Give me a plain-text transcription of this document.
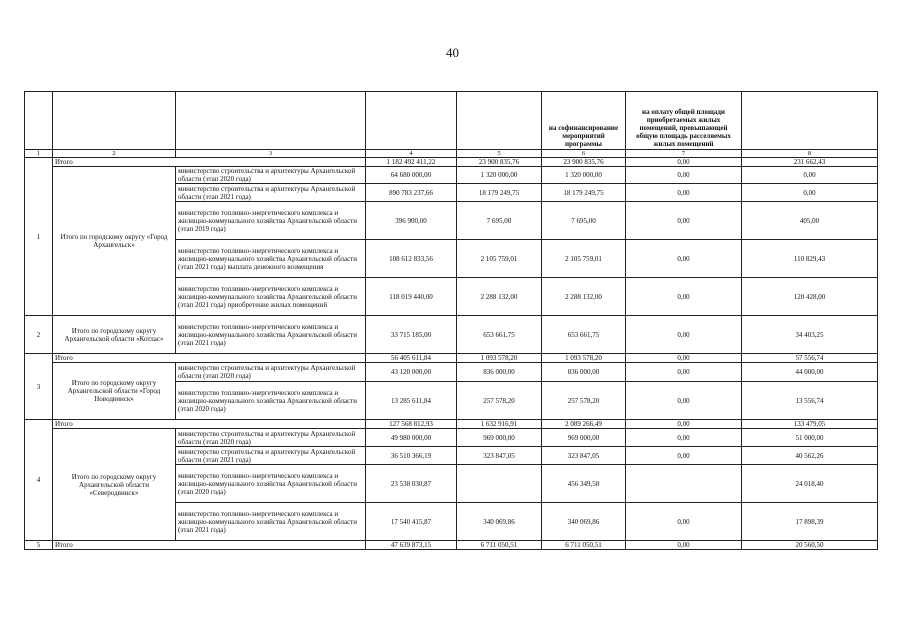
40
					на софинансирование мероприятий программы	на оплату общей площади приобретаемых жилых помещений, превышающей общую площадь расселяемых жилых помещений	
1	2	3	4	5	6	7	8
1	Итого		1 182 492 411,22	23 900 835,76	23 900 835,76	0,00	231 662,43
	Итого по городскому округу «Город Архангельск»	министерство строительства и архитектуры Архангельской области (этап 2020 года)	64 680 000,00	1 320 000,00	1 320 000,00	0,00	0,00
		министерство строительства и архитектуры Архангельской области (этап 2021 года)	890 783 237,66	18 179 249,75	18 179 249,75	0,00	0,00
		министерство топливно-энергетического комплекса и жилищно-коммунального хозяйства Архангельской области (этап 2019 года)	396 900,00	7 695,00	7 695,00	0,00	405,00
		министерство топливно-энергетического комплекса и жилищно-коммунального хозяйства Архангельской области (этап 2021 года) выплата денежного возмещения	108 612 833,56	2 105 759,01	2 105 759,01	0,00	110 829,43
		министерство топливно-энергетического комплекса и жилищно-коммунального хозяйства Архангельской области (этап 2021 года) приобретение жилых помещений	118 019 440,00	2 288 132,00	2 288 132,00	0,00	120 428,00
2	Итого по городскому округу Архангельской области «Котлас»	министерство топливно-энергетического комплекса и жилищно-коммунального хозяйства Архангельской области (этап 2021 года)	33 715 185,00	653 661,75	653 661,75	0,00	34 403,25
3	Итого		56 405 611,84	1 093 578,20	1 093 578,20	0,00	57 556,74
	Итого по городскому округу Архангельской области «Город Новодвинск»	министерство строительства и архитектуры Архангельской области (этап 2020 года)	43 120 000,00	836 000,00	836 000,00	0,00	44 000,00
		министерство топливно-энергетического комплекса и жилищно-коммунального хозяйства Архангельской области (этап 2020 года)	13 285 611,84	257 578,20	257 578,20	0,00	13 556,74
4	Итого		127 568 812,93	1 632 916,91	2 089 266,49	0,00	133 479,05
	Итого по городскому округу Архангельской области «Северодвинск»	министерство строительства и архитектуры Архангельской области (этап 2020 года)	49 980 000,00	969 000,00	969 000,00	0,00	51 000,00
		министерство строительства и архитектуры Архангельской области (этап 2021 года)	36 510 366,19	323 847,05	323 847,05	0,00	40 562,26
		министерство топливно-энергетического комплекса и жилищно-коммунального хозяйства Архангельской области (этап 2020 года)	23 538 030,87		456 349,58		24 018,40
		министерство топливно-энергетического комплекса и жилищно-коммунального хозяйства Архангельской области (этап 2021 года)	17 540 415,87	340 069,86	340 069,86	0,00	17 898,39
5	Итого		47 639 873,15	6 711 050,51	6 711 050,51	0,00	20 560,50
